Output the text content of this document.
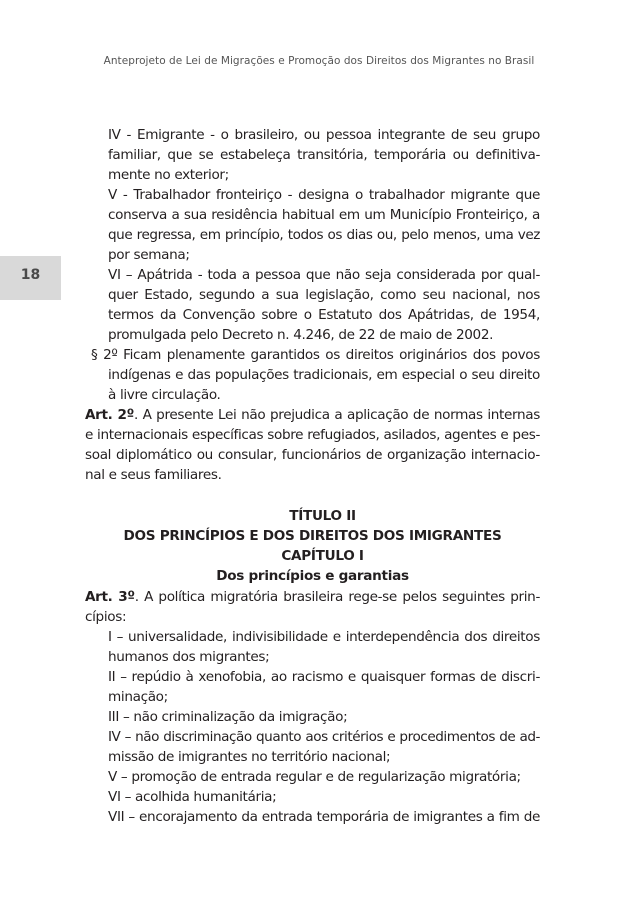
Anteprojeto de Lei de Migrações e Promoção dos Direitos dos Migrantes no Brasil
18
IV - Emigrante - o brasileiro, ou pessoa integrante de seu grupo
familiar, que se estabeleça transitória, temporária ou definitiva-
mente no exterior;
V - Trabalhador fronteiriço - designa o trabalhador migrante que
conserva a sua residência habitual em um Município Fronteiriço, a
que regressa, em princípio, todos os dias ou, pelo menos, uma vez
por semana;
VI – Apátrida - toda a pessoa que não seja considerada por qual-
quer Estado, segundo a sua legislação, como seu nacional, nos
termos da Convenção sobre o Estatuto dos Apátridas, de 1954,
promulgada pelo Decreto n. 4.246, de 22 de maio de 2002.
§ 2º Ficam plenamente garantidos os direitos originários dos povos
indígenas e das populações tradicionais, em especial o seu direito
à livre circulação.
Art. 2º. A presente Lei não prejudica a aplicação de normas internas
e internacionais específicas sobre refugiados, asilados, agentes e pes-
soal diplomático ou consular, funcionários de organização internacio-
nal e seus familiares.
TÍTULO II
DOS PRINCÍPIOS E DOS DIREITOS DOS IMIGRANTES
CAPÍTULO I
Dos princípios e garantias
Art. 3º. A política migratória brasileira rege-se pelos seguintes prin-
cípios:
I – universalidade, indivisibilidade e interdependência dos direitos
humanos dos migrantes;
II – repúdio à xenofobia, ao racismo e quaisquer formas de discri-
minação;
III – não criminalização da imigração;
IV – não discriminação quanto aos critérios e procedimentos de ad-
missão de imigrantes no território nacional;
V – promoção de entrada regular e de regularização migratória;
VI – acolhida humanitária;
VII – encorajamento da entrada temporária de imigrantes a fim de
